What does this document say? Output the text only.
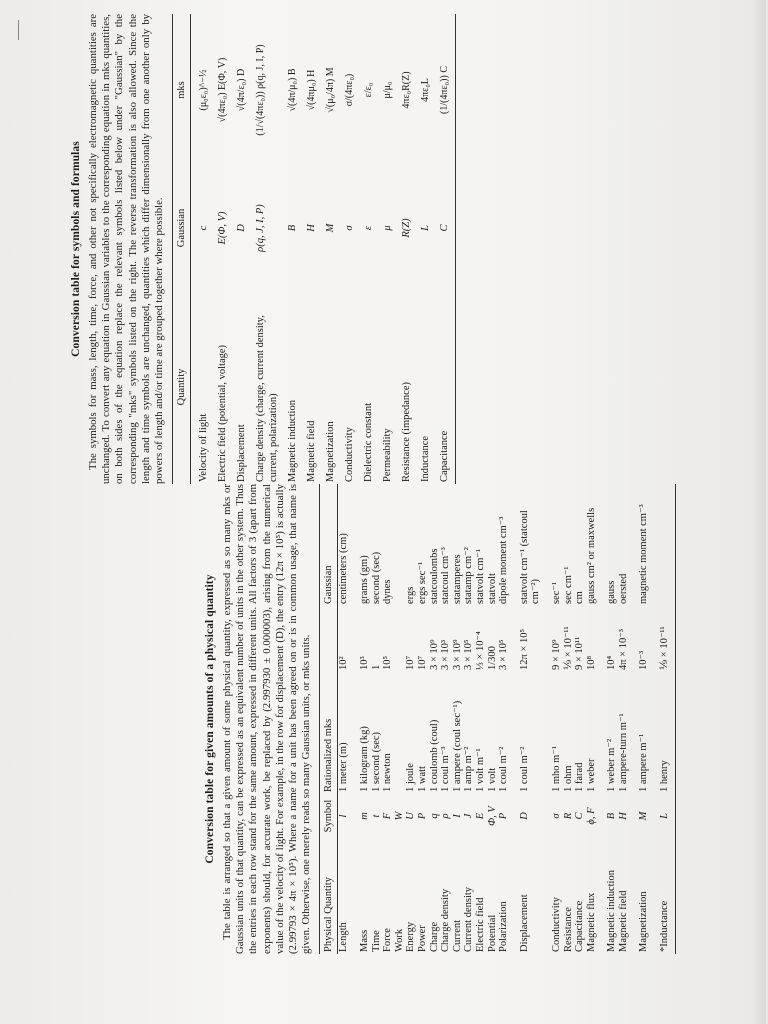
Conversion table for given amounts of a physical quantity The table is arranged so that a given amount of some physical quantity, expressed as so many mks or Gaussian units of that quantity, can be expressed as an equivalent number of units in the other system. Thus the entries in each row stand for the same amount, expressed in different units. All factors of 3 (apart from exponents) should, for accurate work, be replaced by (2.997930 ± 0.000003), arising from the numerical value of the velocity of light. For example, in the row for displacement (D), the entry (12π × 10⁵) is actually (2.99793 × 4π × 10⁵). Where a name for a unit has been agreed on or is in common usage, that name is given. Otherwise, one merely reads so many Gaussian units, or mks units. Physical Quantity	Symbol	Rationalized mks		Gaussian
Length	l	1 meter (m)	10²	centimeters (cm)
Mass	m	1 kilogram (kg)	10³	grams (gm)
Time	t	1 second (sec)	1	second (sec)
Force	F	1 newton	10⁵	dynes
Work	W			
Energy	U	1 joule	10⁷	ergs
Power	P	1 watt	10⁷	ergs sec⁻¹
Charge	q	1 coulomb (coul)	3 × 10⁹	statcoulombs
Charge density	ρ	1 coul m⁻³	3 × 10³	statcoul cm⁻³
Current	I	1 ampere (coul sec⁻¹)	3 × 10⁹	statamperes
Current density	J	1 amp m⁻²	3 × 10⁵	statamp cm⁻²
Electric field	E	1 volt m⁻¹	⅓ × 10⁻⁴	statvolt cm⁻¹
Potential	Φ, V	1 volt	1/300	statvolt
Polarization	P	1 coul m⁻²	3 × 10⁵	dipole moment cm⁻³
Displacement	D	1 coul m⁻²	12π × 10⁵	statvolt cm⁻¹ (statcoul cm⁻²)
Conductivity	σ	1 mho m⁻¹	9 × 10⁹	sec⁻¹
Resistance	R	1 ohm	⅑ × 10⁻¹¹	sec cm⁻¹
Capacitance	C	1 farad	9 × 10¹¹	cm
Magnetic flux	ϕ, F	1 weber	10⁸	gauss cm² or maxwells
Magnetic induction	B	1 weber m⁻²	10⁴	gauss
Magnetic field	H	1 ampere-turn m⁻¹	4π × 10⁻³	oersted
Magnetization	M	1 ampere m⁻¹	10⁻³	magnetic moment cm⁻³
*Inductance	L	1 henry	⅑ × 10⁻¹¹	
Conversion table for symbols and formulas The symbols for mass, length, time, force, and other not specifically electromagnetic quantities are unchanged. To convert any equation in Gaussian variables to the corresponding equation in mks quantities, on both sides of the equation replace the relevant symbols listed below under "Gaussian" by the corresponding "mks" symbols listed on the right. The reverse transformation is also allowed. Since the length and time symbols are unchanged, quantities which differ dimensionally from one another only by powers of length and/or time are grouped together where possible. Quantity	Gaussian	mks
Velocity of light	c	(μ₀ε₀)^−½
Electric field (potential, voltage)	E(Φ, V)	√(4πε₀) E(Φ, V)
Displacement	D	√(4π/ε₀) D
Charge density (charge, current density, current, polarization)	ρ(q, J, I, P)	(1/√(4πε₀)) ρ(q, J, I, P)
Magnetic induction	B	√(4π/μ₀) B
Magnetic field	H	√(4πμ₀) H
Magnetization	M	√(μ₀/4π) M
Conductivity	σ	σ/(4πε₀)
Dielectric constant	ε	ε/ε₀
Permeability	μ	μ/μ₀
Resistance (impedance)	R(Z)	4πε₀R(Z)
Inductance	L	4πε₀L
Capacitance	C	(1/(4πε₀)) C
